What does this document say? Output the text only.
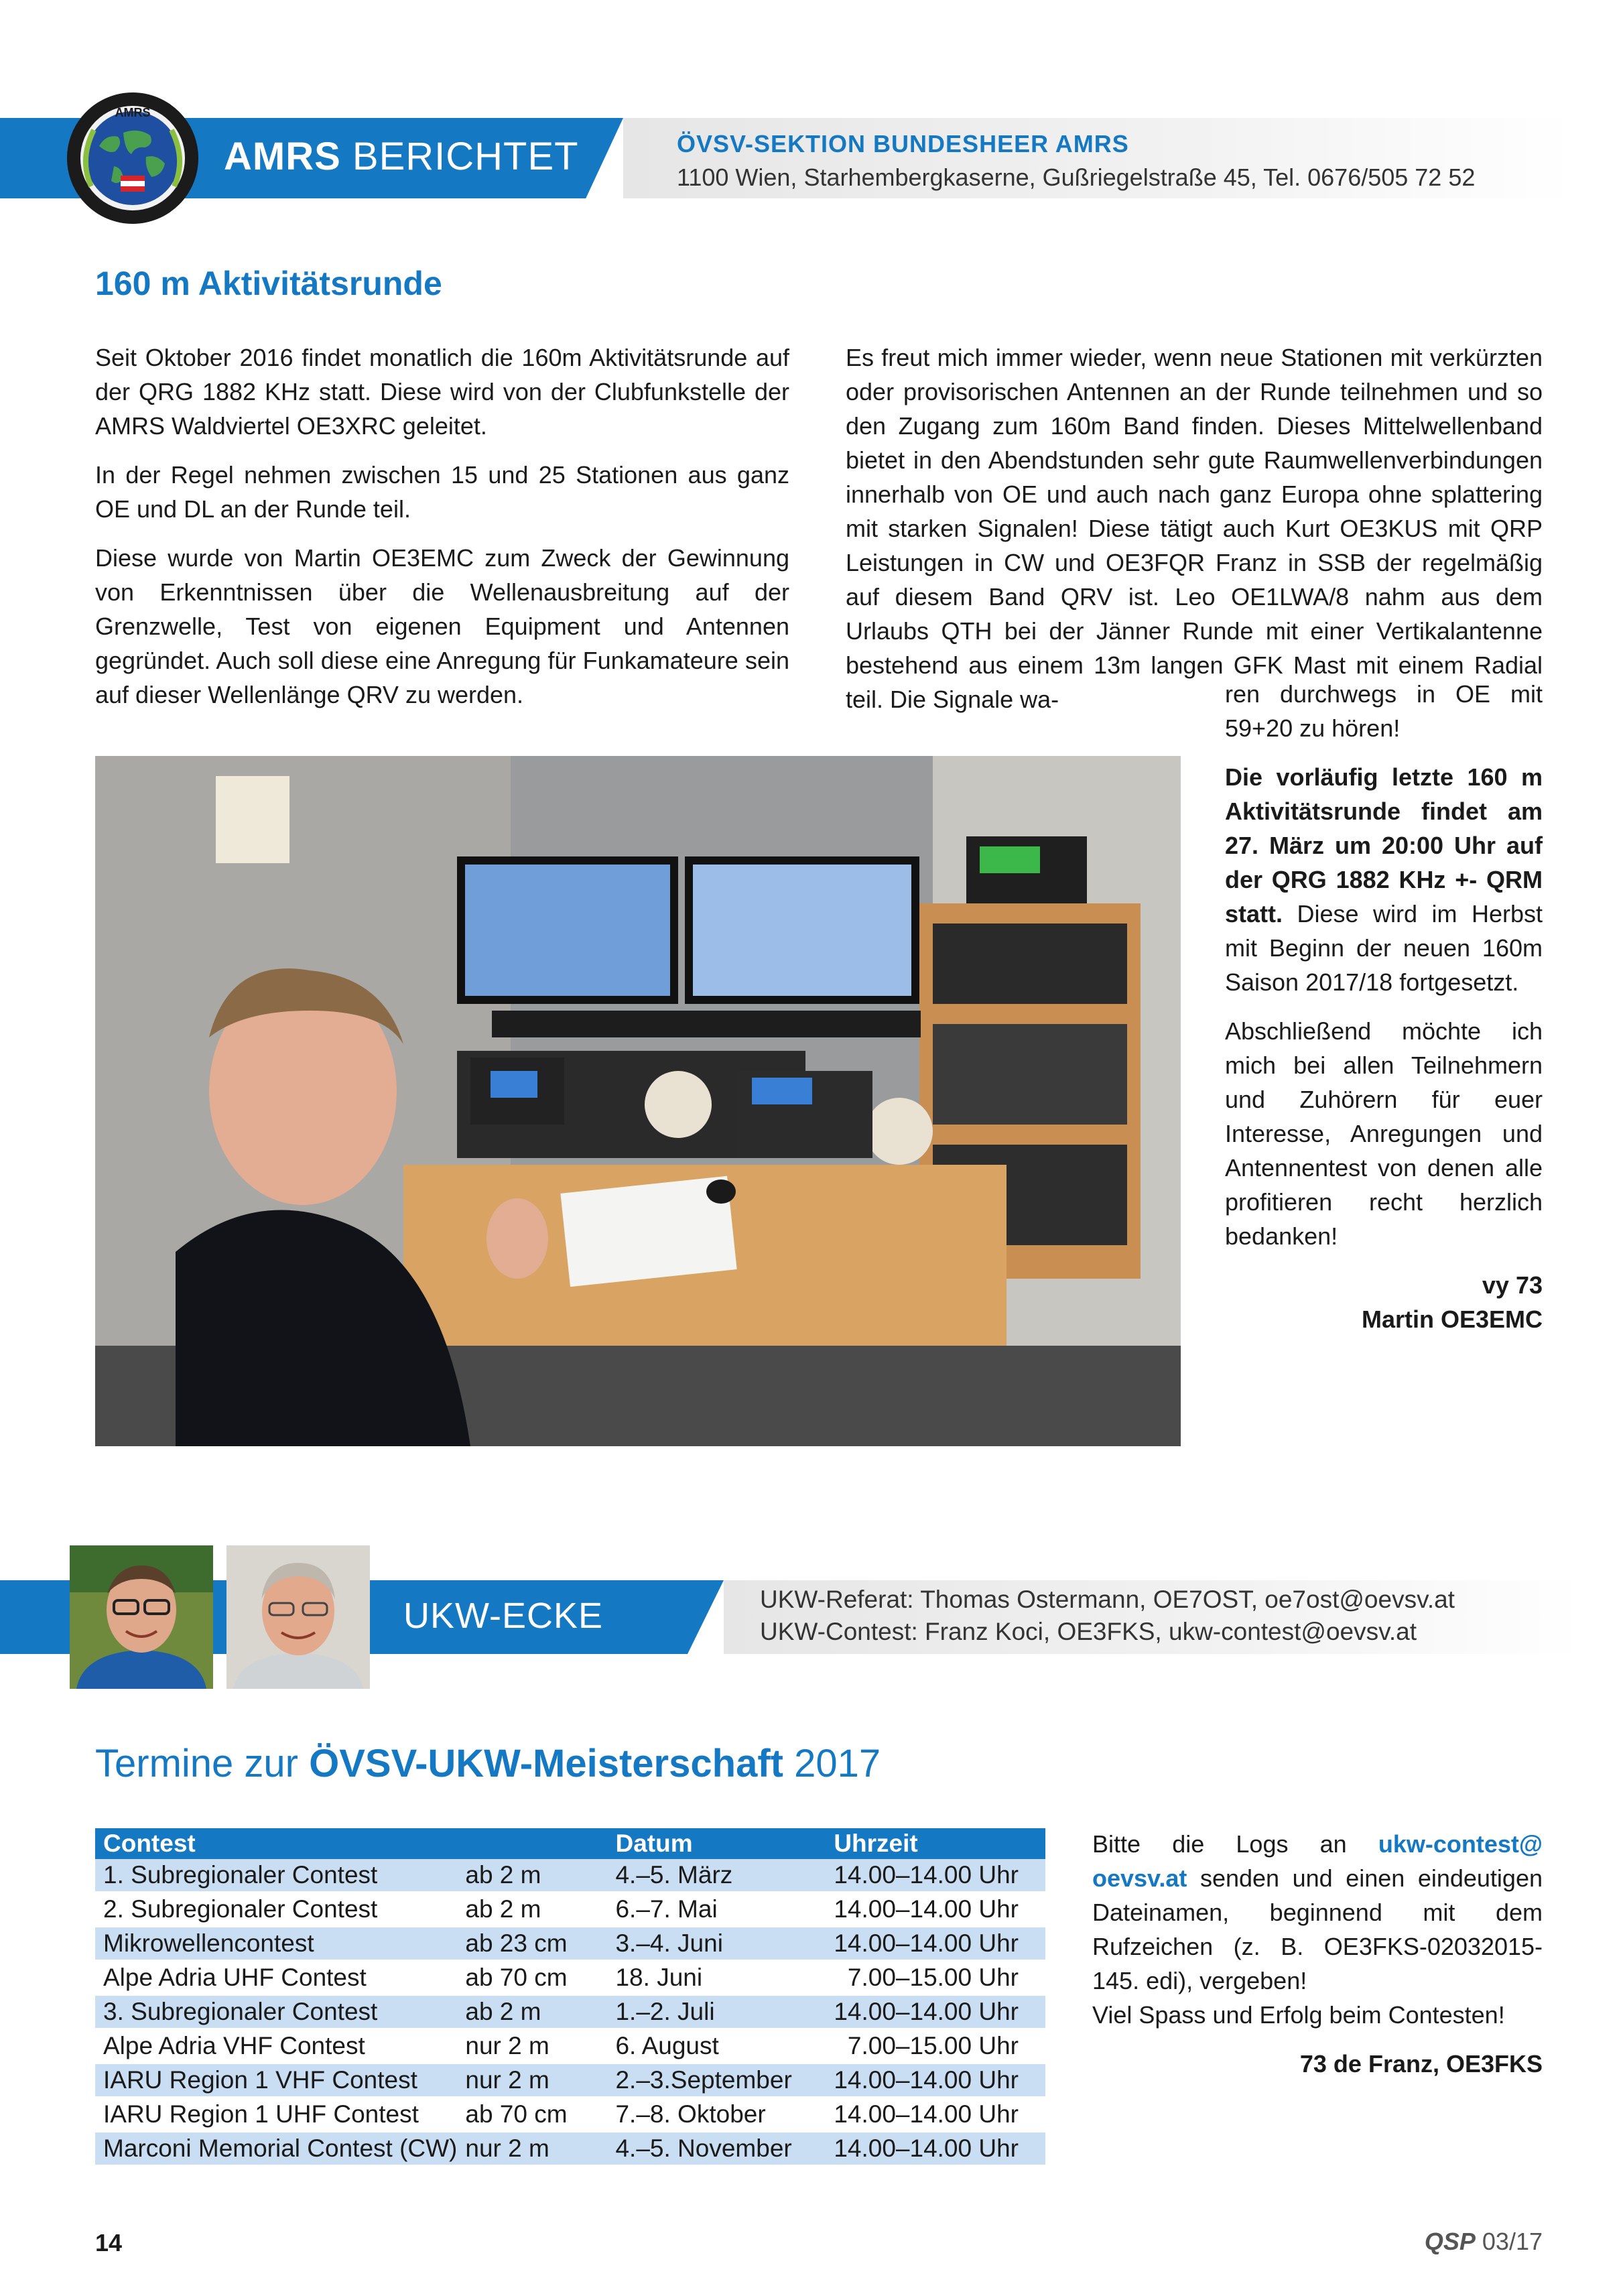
AMRS BERICHTET	ÖVSV-SEKTION BUNDESHEER AMRS
1100 Wien, Starhembergkaserne, Gußriegelstraße 45, Tel. 0676/505 72 52
AMRS
160 m Aktivitätsrunde

Seit Oktober 2016 findet monatlich die 160m Aktivitätsrunde auf der QRG 1882 KHz statt. Diese wird von der Clubfunkstelle der AMRS Waldviertel OE3XRC geleitet.

In der Regel nehmen zwischen 15 und 25 Stationen aus ganz OE und DL an der Runde teil.

Diese wurde von Martin OE3EMC zum Zweck der Gewinnung von Erkenntnissen über die Wellenausbreitung auf der Grenzwelle, Test von eigenen Equipment und Antennen gegründet. Auch soll diese eine Anregung für Funkamateure sein auf dieser Wellenlänge QRV zu werden.

Es freut mich immer wieder, wenn neue Stationen mit verkürzten oder provisorischen Antennen an der Runde teilnehmen und so den Zugang zum 160m Band finden. Dieses Mittelwellenband bietet in den Abendstunden sehr gute Raumwellenverbindungen innerhalb von OE und auch nach ganz Europa ohne splattering mit starken Signalen! Diese tätigt auch Kurt OE3KUS mit QRP Leistungen in CW und OE3FQR Franz in SSB der regelmäßig auf diesem Band QRV ist. Leo OE1LWA/8 nahm aus dem Urlaubs QTH bei der Jänner Runde mit einer Vertikalantenne bestehend aus einem 13m langen GFK Mast mit einem Radial teil. Die Signale wa-	ren durchwegs in OE mit 59+20 zu hören!

Die vorläufig letzte 160 m Aktivitätsrunde findet am 27. März um 20:00 Uhr auf der QRG 1882 KHz +- QRM statt. Diese wird im Herbst mit Beginn der neuen 160m Saison 2017/18 fortgesetzt.

Abschließend möchte ich mich bei allen Teilnehmern und Zuhörern für euer Interesse, Anregungen und Antennentest von denen alle profitieren recht herzlich bedanken!

vy 73
Martin OE3EMC
UKW-ECKE	UKW-Referat: Thomas Ostermann, OE7OST, oe7ost@oevsv.at
UKW-Contest: Franz Koci, OE3FKS, ukw-contest@oevsv.at
Termine zur ÖVSV-UKW-Meisterschaft 2017
Contest		Datum	Uhrzeit
1. Subregionaler Contest	ab 2 m	4.–5. März	14.00–14.00 Uhr
2. Subregionaler Contest	ab 2 m	6.–7. Mai	14.00–14.00 Uhr
Mikrowellencontest	ab 23 cm	3.–4. Juni	14.00–14.00 Uhr
Alpe Adria UHF Contest	ab 70 cm	18. Juni	7.00–15.00 Uhr
3. Subregionaler Contest	ab 2 m	1.–2. Juli	14.00–14.00 Uhr
Alpe Adria VHF Contest	nur 2 m	6. August	7.00–15.00 Uhr
IARU Region 1 VHF Contest	nur 2 m	2.–3.September	14.00–14.00 Uhr
IARU Region 1 UHF Contest	ab 70 cm	7.–8. Oktober	14.00–14.00 Uhr
Marconi Memorial Contest (CW)	nur 2 m	4.–5. November	14.00–14.00 Uhr
Bitte die Logs an ukw-contest@ oevsv.at senden und einen eindeutigen Dateinamen, beginnend mit dem Rufzeichen (z. B. OE3FKS-02032015-145. edi), vergeben!
Viel Spass und Erfolg beim Contesten!
73 de Franz, OE3FKS
14	QSP 03/17
